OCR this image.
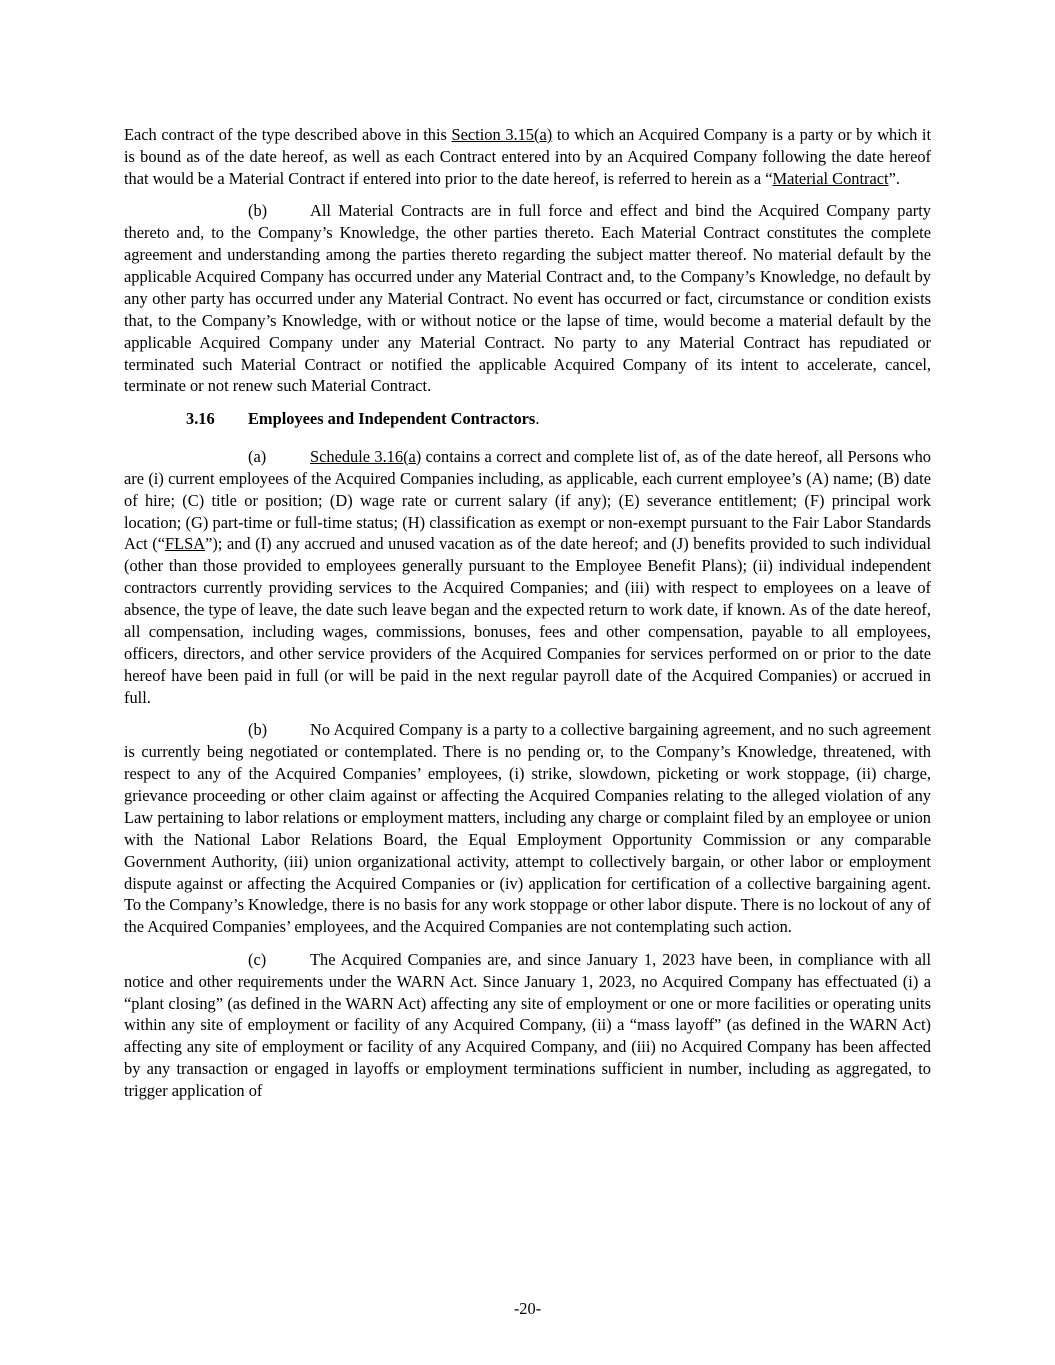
Each contract of the type described above in this Section 3.15(a) to which an Acquired Company is a party or by which it is bound as of the date hereof, as well as each Contract entered into by an Acquired Company following the date hereof that would be a Material Contract if entered into prior to the date hereof, is referred to herein as a “Material Contract”.

(b)	All Material Contracts are in full force and effect and bind the Acquired Company party thereto and, to the Company’s Knowledge, the other parties thereto. Each Material Contract constitutes the complete agreement and understanding among the parties thereto regarding the subject matter thereof. No material default by the applicable Acquired Company has occurred under any Material Contract and, to the Company’s Knowledge, no default by any other party has occurred under any Material Contract. No event has occurred or fact, circumstance or condition exists that, to the Company’s Knowledge, with or without notice or the lapse of time, would become a material default by the applicable Acquired Company under any Material Contract. No party to any Material Contract has repudiated or terminated such Material Contract or notified the applicable Acquired Company of its intent to accelerate, cancel, terminate or not renew such Material Contract.

3.16 Employees and Independent Contractors.

(a)	Schedule 3.16(a) contains a correct and complete list of, as of the date hereof, all Persons who are (i) current employees of the Acquired Companies including, as applicable, each current employee’s (A) name; (B) date of hire; (C) title or position; (D) wage rate or current salary (if any); (E) severance entitlement; (F) principal work location; (G) part-time or full-time status; (H) classification as exempt or non-exempt pursuant to the Fair Labor Standards Act (“FLSA”); and (I) any accrued and unused vacation as of the date hereof; and (J) benefits provided to such individual (other than those provided to employees generally pursuant to the Employee Benefit Plans); (ii) individual independent contractors currently providing services to the Acquired Companies; and (iii) with respect to employees on a leave of absence, the type of leave, the date such leave began and the expected return to work date, if known. As of the date hereof, all compensation, including wages, commissions, bonuses, fees and other compensation, payable to all employees, officers, directors, and other service providers of the Acquired Companies for services performed on or prior to the date hereof have been paid in full (or will be paid in the next regular payroll date of the Acquired Companies) or accrued in full.

(b)	No Acquired Company is a party to a collective bargaining agreement, and no such agreement is currently being negotiated or contemplated. There is no pending or, to the Company’s Knowledge, threatened, with respect to any of the Acquired Companies’ employees, (i) strike, slowdown, picketing or work stoppage, (ii) charge, grievance proceeding or other claim against or affecting the Acquired Companies relating to the alleged violation of any Law pertaining to labor relations or employment matters, including any charge or complaint filed by an employee or union with the National Labor Relations Board, the Equal Employment Opportunity Commission or any comparable Government Authority, (iii) union organizational activity, attempt to collectively bargain, or other labor or employment dispute against or affecting the Acquired Companies or (iv) application for certification of a collective bargaining agent. To the Company’s Knowledge, there is no basis for any work stoppage or other labor dispute. There is no lockout of any of the Acquired Companies’ employees, and the Acquired Companies are not contemplating such action.

(c)	The Acquired Companies are, and since January 1, 2023 have been, in compliance with all notice and other requirements under the WARN Act. Since January 1, 2023, no Acquired Company has effectuated (i) a “plant closing” (as defined in the WARN Act) affecting any site of employment or one or more facilities or operating units within any site of employment or facility of any Acquired Company, (ii) a “mass layoff” (as defined in the WARN Act) affecting any site of employment or facility of any Acquired Company, and (iii) no Acquired Company has been affected by any transaction or engaged in layoffs or employment terminations sufficient in number, including as aggregated, to trigger application of

-20-
